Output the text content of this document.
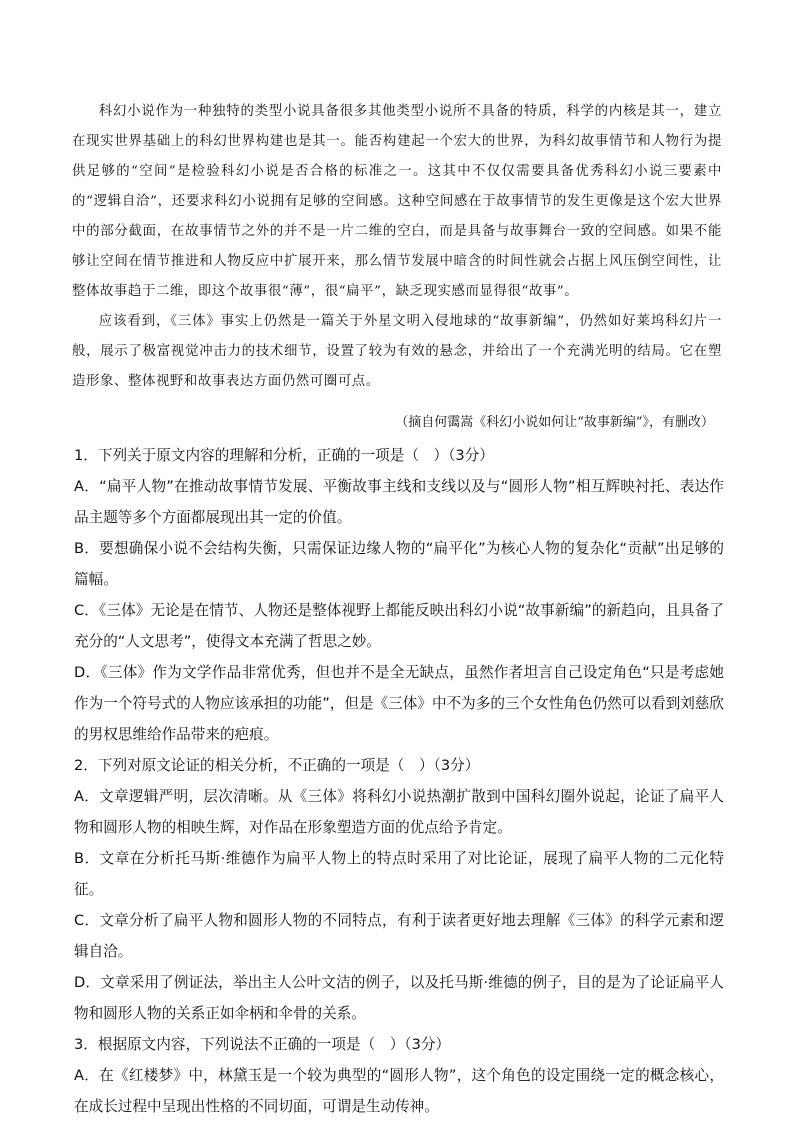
科幻小说作为一种独特的类型小说具备很多其他类型小说所不具备的特质，科学的内核是其一，建立在现实世界基础上的科幻世界构建也是其一。能否构建起一个宏大的世界，为科幻故事情节和人物行为提供足够的“空间”是检验科幻小说是否合格的标准之一。这其中不仅仅需要具备优秀科幻小说三要素中的“逻辑自洽”，还要求科幻小说拥有足够的空间感。这种空间感在于故事情节的发生更像是这个宏大世界中的部分截面，在故事情节之外的并不是一片二维的空白，而是具备与故事舞台一致的空间感。如果不能够让空间在情节推进和人物反应中扩展开来，那么情节发展中暗含的时间性就会占据上风压倒空间性，让整体故事趋于二维，即这个故事很“薄”，很“扁平”，缺乏现实感而显得很“故事”。

应该看到，《三体》事实上仍然是一篇关于外星文明入侵地球的“故事新编”，仍然如好莱坞科幻片一般，展示了极富视觉冲击力的技术细节，设置了较为有效的悬念，并给出了一个充满光明的结局。它在塑造形象、整体视野和故事表达方面仍然可圈可点。

（摘自何霭嵩《科幻小说如何让“故事新编”》，有删改）

1．下列关于原文内容的理解和分析，正确的一项是（　）（3分）

A．“扁平人物”在推动故事情节发展、平衡故事主线和支线以及与“圆形人物”相互辉映衬托、表达作品主题等多个方面都展现出其一定的价值。

B．要想确保小说不会结构失衡，只需保证边缘人物的“扁平化”为核心人物的复杂化“贡献”出足够的篇幅。

C．《三体》无论是在情节、人物还是整体视野上都能反映出科幻小说“故事新编”的新趋向，且具备了充分的“人文思考”，使得文本充满了哲思之妙。

D．《三体》作为文学作品非常优秀，但也并不是全无缺点，虽然作者坦言自己设定角色“只是考虑她作为一个符号式的人物应该承担的功能”，但是《三体》中不为多的三个女性角色仍然可以看到刘慈欣的男权思维给作品带来的疤痕。

2．下列对原文论证的相关分析，不正确的一项是（　）（3分）

A．文章逻辑严明，层次清晰。从《三体》将科幻小说热潮扩散到中国科幻圈外说起，论证了扁平人物和圆形人物的相映生辉，对作品在形象塑造方面的优点给予肯定。

B．文章在分析托马斯·维德作为扁平人物上的特点时采用了对比论证，展现了扁平人物的二元化特征。

C．文章分析了扁平人物和圆形人物的不同特点，有利于读者更好地去理解《三体》的科学元素和逻辑自洽。

D．文章采用了例证法，举出主人公叶文洁的例子，以及托马斯·维德的例子，目的是为了论证扁平人物和圆形人物的关系正如伞柄和伞骨的关系。

3．根据原文内容，下列说法不正确的一项是（　）（3分）

A．在《红楼梦》中，林黛玉是一个较为典型的“圆形人物”，这个角色的设定围绕一定的概念核心，在成长过程中呈现出性格的不同切面，可谓是生动传神。
